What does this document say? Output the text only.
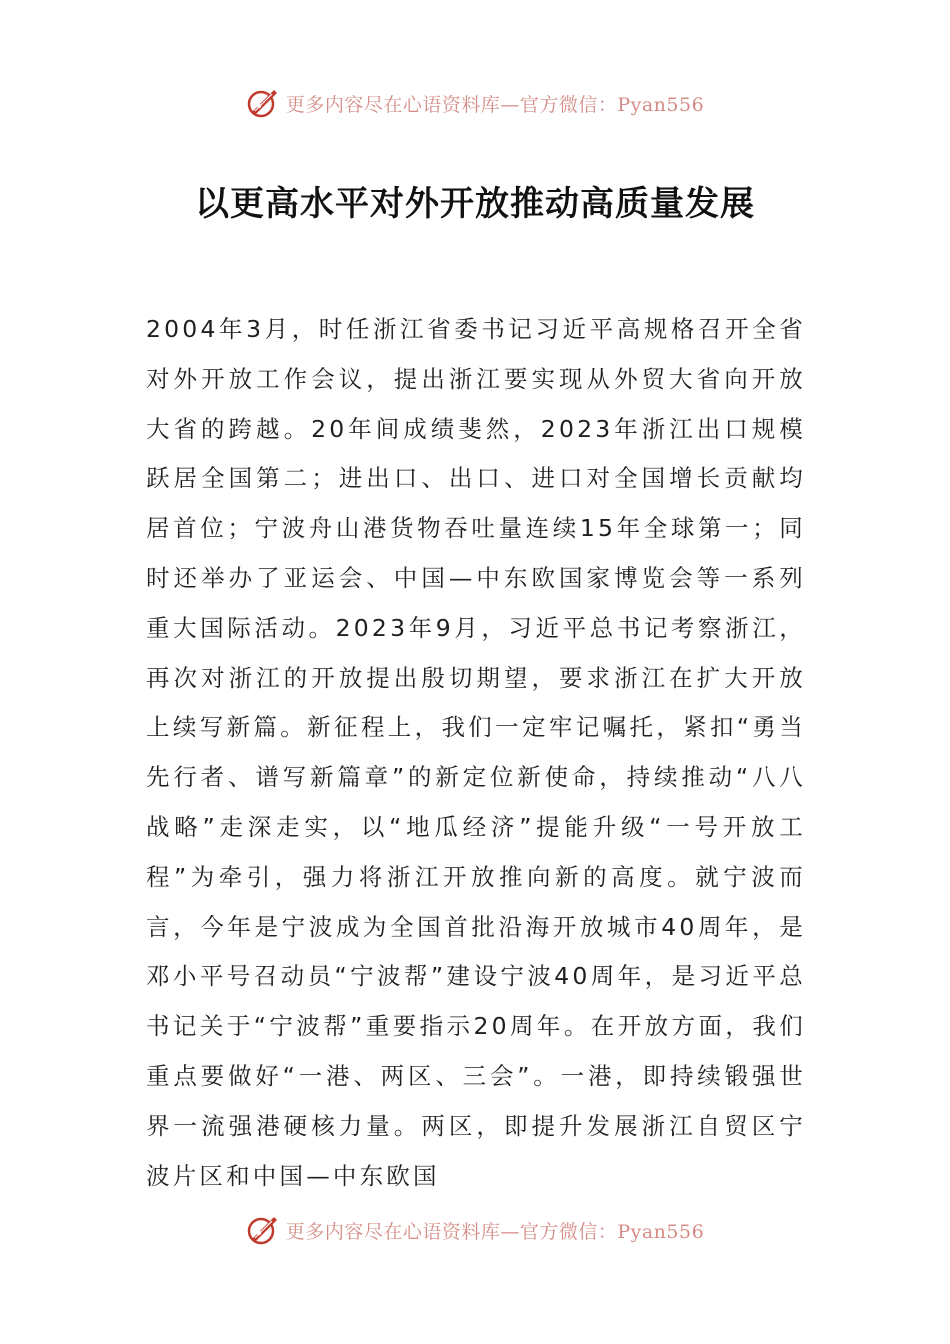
更多内容尽在心语资料库—官方微信：Pyan556
以更高水平对外开放推动高质量发展

2004年3月，时任浙江省委书记习近平高规格召开全省对外开放工作会议，提出浙江要实现从外贸大省向开放大省的跨越。20年间成绩斐然，2023年浙江出口规模跃居全国第二；进出口、出口、进口对全国增长贡献均居首位；宁波舟山港货物吞吐量连续15年全球第一；同时还举办了亚运会、中国—中东欧国家博览会等一系列重大国际活动。2023年9月，习近平总书记考察浙江，再次对浙江的开放提出殷切期望，要求浙江在扩大开放上续写新篇。新征程上，我们一定牢记嘱托，紧扣“勇当先行者、谱写新篇章”的新定位新使命，持续推动“八八战略”走深走实，以“地瓜经济”提能升级“一号开放工程”为牵引，强力将浙江开放推向新的高度。就宁波而言，今年是宁波成为全国首批沿海开放城市40周年，是邓小平号召动员“宁波帮”建设宁波40周年，是习近平总书记关于“宁波帮”重要指示20周年。在开放方面，我们重点要做好“一港、两区、三会”。一港，即持续锻强世界一流强港硬核力量。两区，即提升发展浙江自贸区宁波片区和中国—中东欧国

更多内容尽在心语资料库—官方微信：Pyan556
